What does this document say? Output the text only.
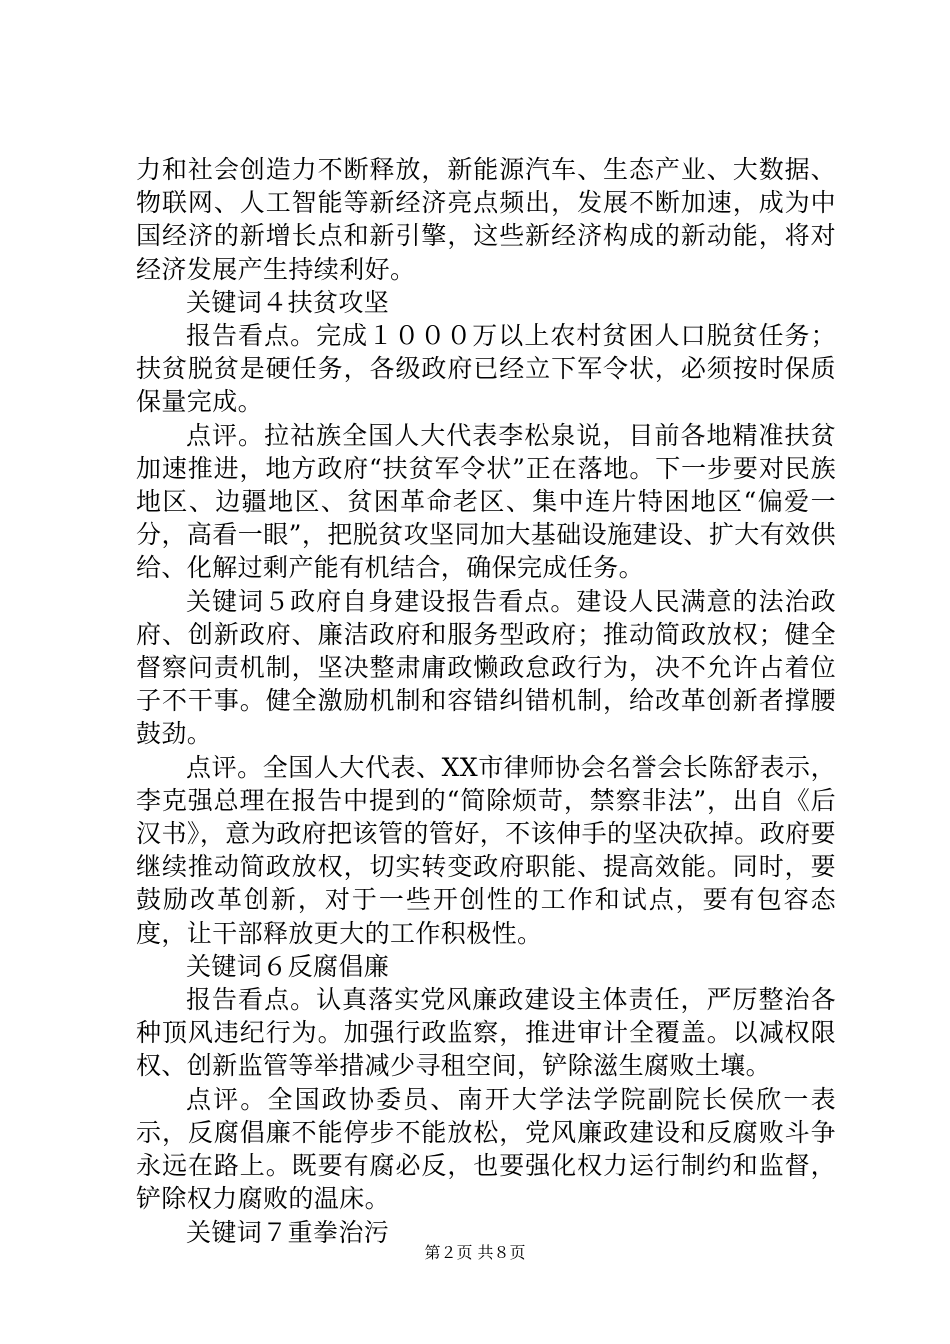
力和社会创造力不断释放，新能源汽车、生态产业、大数据、物联网、人工智能等新经济亮点频出，发展不断加速，成为中国经济的新增长点和新引擎，这些新经济构成的新动能，将对经济发展产生持续利好。

关键词４扶贫攻坚

报告看点。完成１０００万以上农村贫困人口脱贫任务；扶贫脱贫是硬任务，各级政府已经立下军令状，必须按时保质保量完成。

点评。拉祜族全国人大代表李松泉说，目前各地精准扶贫加速推进，地方政府“扶贫军令状”正在落地。下一步要对民族地区、边疆地区、贫困革命老区、集中连片特困地区“偏爱一分，高看一眼”，把脱贫攻坚同加大基础设施建设、扩大有效供给、化解过剩产能有机结合，确保完成任务。

关键词５政府自身建设报告看点。建设人民满意的法治政府、创新政府、廉洁政府和服务型政府；推动简政放权；健全督察问责机制，坚决整肃庸政懒政怠政行为，决不允许占着位子不干事。健全激励机制和容错纠错机制，给改革创新者撑腰鼓劲。

点评。全国人大代表、XX市律师协会名誉会长陈舒表示，李克强总理在报告中提到的“简除烦苛，禁察非法”，出自《后汉书》，意为政府把该管的管好，不该伸手的坚决砍掉。政府要继续推动简政放权，切实转变政府职能、提高效能。同时，要鼓励改革创新，对于一些开创性的工作和试点，要有包容态度，让干部释放更大的工作积极性。

关键词６反腐倡廉

报告看点。认真落实党风廉政建设主体责任，严厉整治各种顶风违纪行为。加强行政监察，推进审计全覆盖。以减权限权、创新监管等举措减少寻租空间，铲除滋生腐败土壤。

点评。全国政协委员、南开大学法学院副院长侯欣一表示，反腐倡廉不能停步不能放松，党风廉政建设和反腐败斗争永远在路上。既要有腐必反，也要强化权力运行制约和监督，铲除权力腐败的温床。

关键词７重拳治污

第２页 共８页
